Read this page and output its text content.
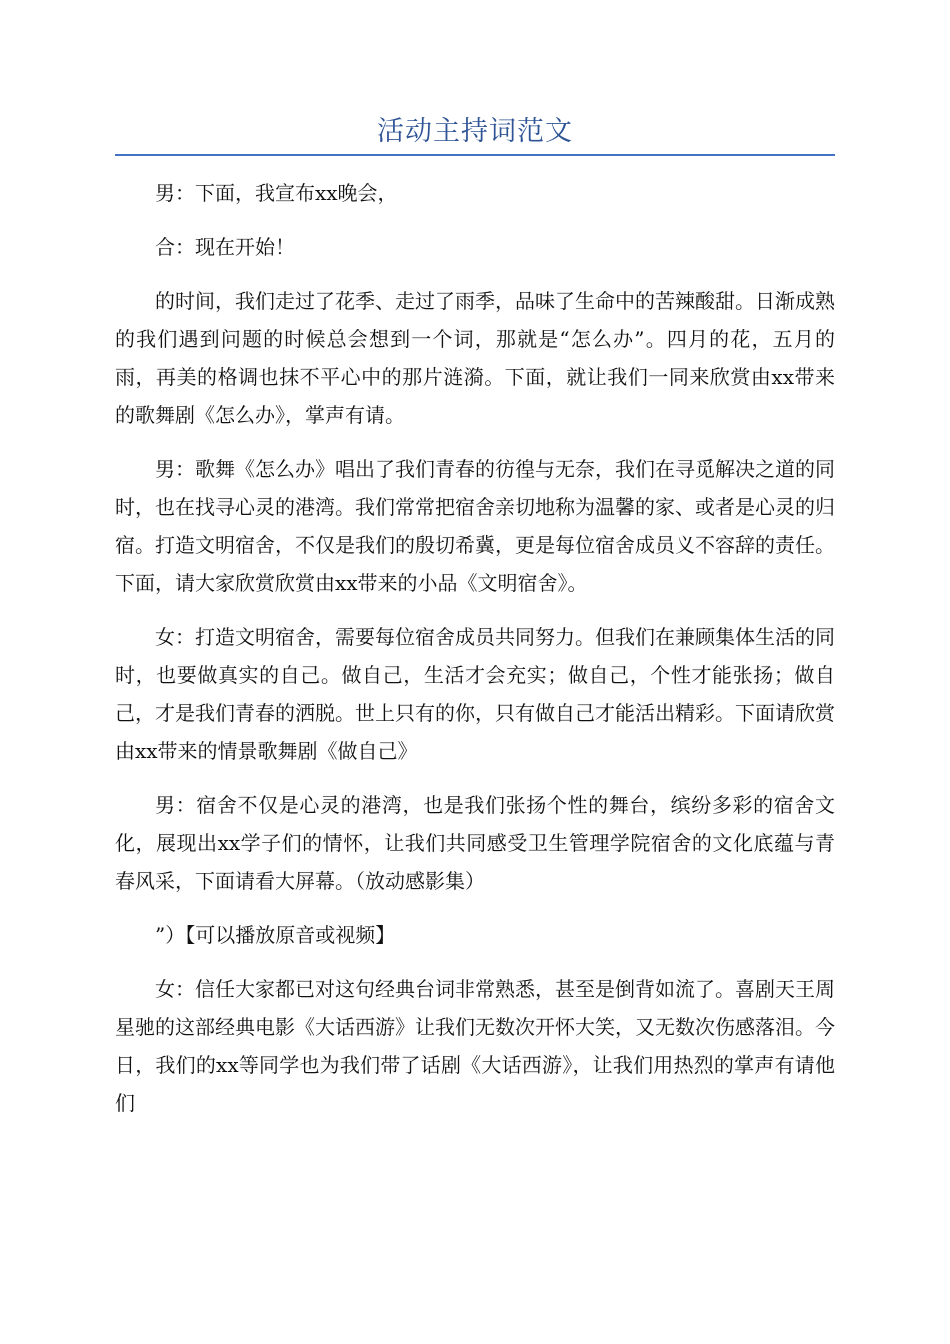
活动主持词范文

男：下面，我宣布xx晚会，

合：现在开始！

的时间，我们走过了花季、走过了雨季，品味了生命中的苦辣酸甜。日渐成熟的我们遇到问题的时候总会想到一个词，那就是“怎么办”。四月的花，五月的雨，再美的格调也抹不平心中的那片涟漪。下面，就让我们一同来欣赏由xx带来的歌舞剧《怎么办》，掌声有请。

男：歌舞《怎么办》唱出了我们青春的彷徨与无奈，我们在寻觅解决之道的同时，也在找寻心灵的港湾。我们常常把宿舍亲切地称为温馨的家、或者是心灵的归宿。打造文明宿舍，不仅是我们的殷切希冀，更是每位宿舍成员义不容辞的责任。下面，请大家欣赏欣赏由xx带来的小品《文明宿舍》。

女：打造文明宿舍，需要每位宿舍成员共同努力。但我们在兼顾集体生活的同时，也要做真实的自己。做自己，生活才会充实；做自己，个性才能张扬；做自己，才是我们青春的洒脱。世上只有的你，只有做自己才能活出精彩。下面请欣赏由xx带来的情景歌舞剧《做自己》

男：宿舍不仅是心灵的港湾，也是我们张扬个性的舞台，缤纷多彩的宿舍文化，展现出xx学子们的情怀，让我们共同感受卫生管理学院宿舍的文化底蕴与青春风采，下面请看大屏幕。（放动感影集）

”）【可以播放原音或视频】

女：信任大家都已对这句经典台词非常熟悉，甚至是倒背如流了。喜剧天王周星驰的这部经典电影《大话西游》让我们无数次开怀大笑，又无数次伤感落泪。今日，我们的xx等同学也为我们带了话剧《大话西游》，让我们用热烈的掌声有请他们
